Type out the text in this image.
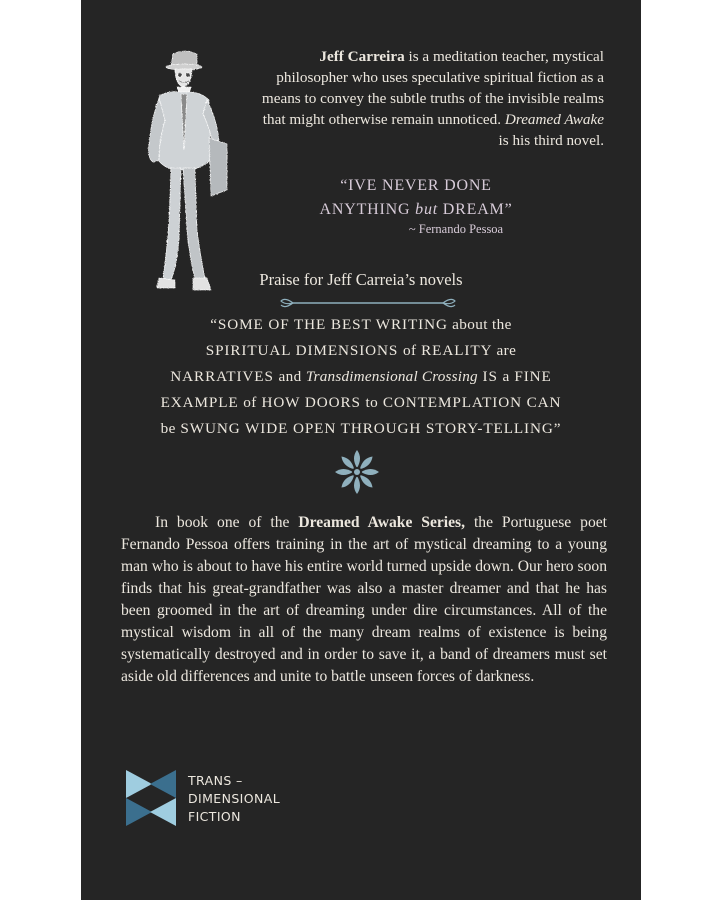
Jeff Carreira is a meditation teacher, mystical philosopher who uses speculative spiritual fiction as a means to convey the subtle truths of the invisible realms that might otherwise remain unnoticed. Dreamed Awake is his third novel.
“IVE NEVER DONE
ANYTHING but DREAM”
~ Fernando Pessoa
Praise for Jeff Carreia’s novels
“SOME OF THE BEST WRITING about the
SPIRITUAL DIMENSIONS of REALITY are
NARRATIVES and Transdimensional Crossing IS a FINE
EXAMPLE of HOW DOORS to CONTEMPLATION CAN
be SWUNG WIDE OPEN THROUGH STORY-TELLING”
In book one of the Dreamed Awake Series, the Portuguese poet Fernando Pessoa offers training in the art of mystical dreaming to a young man who is about to have his entire world turned upside down. Our hero soon finds that his great-grandfather was also a master dreamer and that he has been groomed in the art of dreaming under dire circumstances. All of the mystical wisdom in all of the many dream realms of existence is being systematically destroyed and in order to save it, a band of dreamers must set aside old differences and unite to battle unseen forces of darkness.
TRANS –
DIMENSIONAL
FICTION
